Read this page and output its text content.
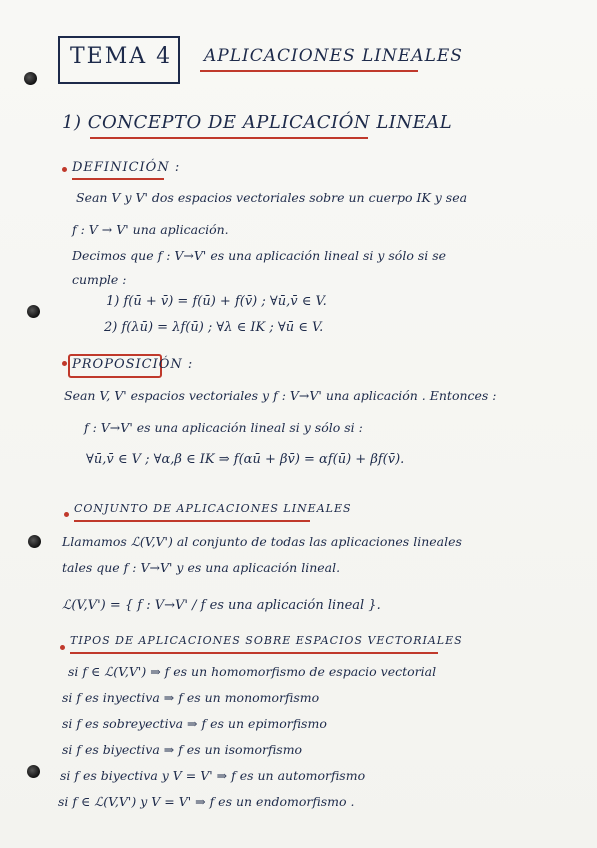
TEMA 4 APLICACIONES LINEALES
1) CONCEPTO DE APLICACIÓN LINEAL
DEFINICIÓN :
Sean V y V' dos espacios vectoriales sobre un cuerpo IK y sea
f : V → V' una aplicación.
Decimos que f : V→V' es una aplicación lineal si y sólo si se
cumple :
1) f(ū + v̄) = f(ū) + f(v̄) ; ∀ū,v̄ ∈ V.
2) f(λū) = λf(ū) ; ∀λ ∈ IK ; ∀ū ∈ V.
PROPOSICIÓN :
Sean V, V' espacios vectoriales y f : V→V' una aplicación . Entonces :
f : V→V' es una aplicación lineal si y sólo si :
∀ū,v̄ ∈ V ; ∀α,β ∈ IK ⇒ f(αū + βv̄) = αf(ū) + βf(v̄).
CONJUNTO DE APLICACIONES LINEALES
Llamamos ℒ(V,V') al conjunto de todas las aplicaciones lineales
tales que f : V→V' y es una aplicación lineal.
ℒ(V,V') = { f : V→V' / f es una aplicación lineal }.
TIPOS DE APLICACIONES SOBRE ESPACIOS VECTORIALES
si f ∈ ℒ(V,V') ⇒ f es un homomorfismo de espacio vectorial
si f es inyectiva ⇒ f es un monomorfismo
si f es sobreyectiva ⇒ f es un epimorfismo
si f es biyectiva ⇒ f es un isomorfismo
si f es biyectiva y V = V' ⇒ f es un automorfismo
si f ∈ ℒ(V,V') y V = V' ⇒ f es un endomorfismo .
